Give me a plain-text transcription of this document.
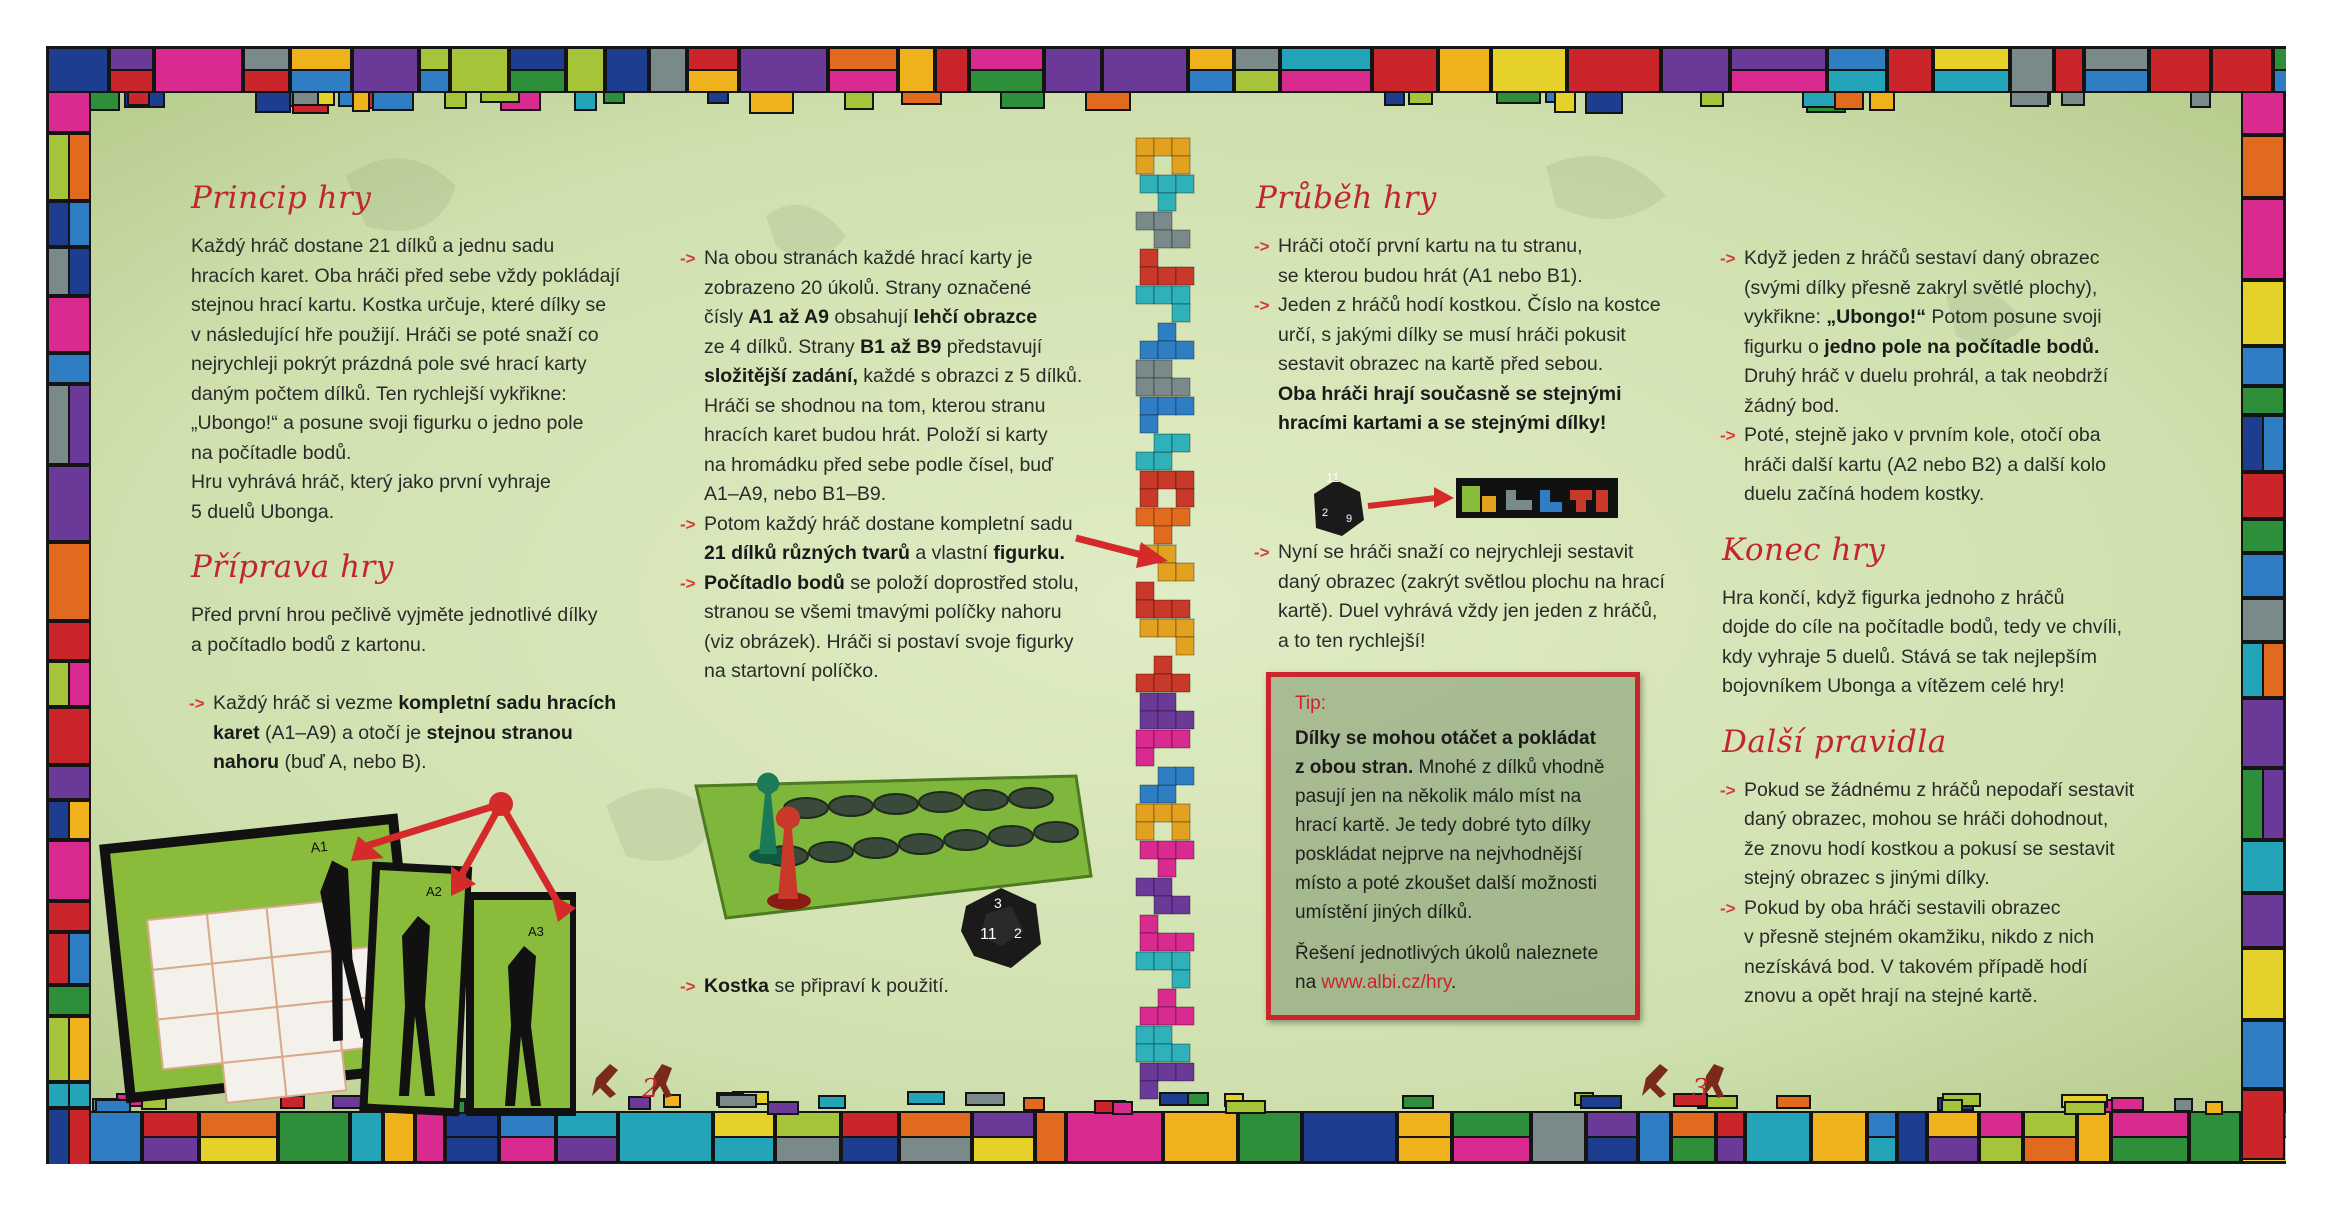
A1
A2
A3
3
11 2
11
2 9
Princip hry

Každý hráč dostane 21 dílků a jednu sadu

hracích karet. Oba hráči před sebe vždy pokládají

stejnou hrací kartu. Kostka určuje, které dílky se

v následující hře použijí. Hráči se poté snaží co

nejrychleji pokrýt prázdná pole své hrací karty

daným počtem dílků. Ten rychlejší vykřikne:

„Ubongo!“ a posune svoji figurku o jedno pole

na počítadle bodů.

Hru vyhrává hráč, který jako první vyhraje

5 duelů Ubonga.

Příprava hry

Před první hrou pečlivě vyjměte jednotlivé dílky

a počítadlo bodů z kartonu.

-> Každý hráč si vezme kompletní sadu hracích
karet (A1–A9) a otočí je stejnou stranou
nahoru (buď A, nebo B).
-> Na obou stranách každé hrací karty je
zobrazeno 20 úkolů. Strany označené
čísly A1 až A9 obsahují lehčí obrazce
ze 4 dílků. Strany B1 až B9 představují
složitější zadání, každé s obrazci z 5 dílků.
Hráči se shodnou na tom, kterou stranu
hracích karet budou hrát. Položí si karty
na hromádku před sebe podle čísel, buď
A1–A9, nebo B1–B9.
-> Potom každý hráč dostane kompletní sadu
21 dílků různých tvarů a vlastní figurku.
-> Počítadlo bodů se položí doprostřed stolu,
stranou se všemi tmavými políčky nahoru
(viz obrázek). Hráči si postaví svoje figurky
na startovní políčko.
-> Kostka se připraví k použití.
2
Průběh hry
-> Hráči otočí první kartu na tu stranu,
se kterou budou hrát (A1 nebo B1).
-> Jeden z hráčů hodí kostkou. Číslo na kostce
určí, s jakými dílky se musí hráči pokusit
sestavit obrazec na kartě před sebou.
Oba hráči hrají současně se stejnými
hracími kartami a se stejnými dílky!
-> Nyní se hráči snaží co nejrychleji sestavit
daný obrazec (zakrýt světlou plochu na hrací
kartě). Duel vyhrává vždy jen jeden z hráčů,
a to ten rychlejší!
Tip:
Dílky se mohou otáčet a pokládat
z obou stran. Mnohé z dílků vhodně
pasují jen na několik málo míst na
hrací kartě. Je tedy dobré tyto dílky
poskládat nejprve na nejvhodnější
místo a poté zkoušet další možnosti
umístění jiných dílků.
Řešení jednotlivých úkolů naleznete
na www.albi.cz/hry.
-> Když jeden z hráčů sestaví daný obrazec
(svými dílky přesně zakryl světlé plochy),
vykřikne: „Ubongo!“ Potom posune svoji
figurku o jedno pole na počítadle bodů.
Druhý hráč v duelu prohrál, a tak neobdrží
žádný bod.
-> Poté, stejně jako v prvním kole, otočí oba
hráči další kartu (A2 nebo B2) a další kolo
duelu začíná hodem kostky.
Konec hry

Hra končí, když figurka jednoho z hráčů

dojde do cíle na počítadle bodů, tedy ve chvíli,

kdy vyhraje 5 duelů. Stává se tak nejlepším

bojovníkem Ubonga a vítězem celé hry!

Další pravidla
-> Pokud se žádnému z hráčů nepodaří sestavit
daný obrazec, mohou se hráči dohodnout,
že znovu hodí kostkou a pokusí se sestavit
stejný obrazec s jinými dílky.
-> Pokud by oba hráči sestavili obrazec
v přesně stejném okamžiku, nikdo z nich
nezískává bod. V takovém případě hodí
znovu a opět hrají na stejné kartě.
3
